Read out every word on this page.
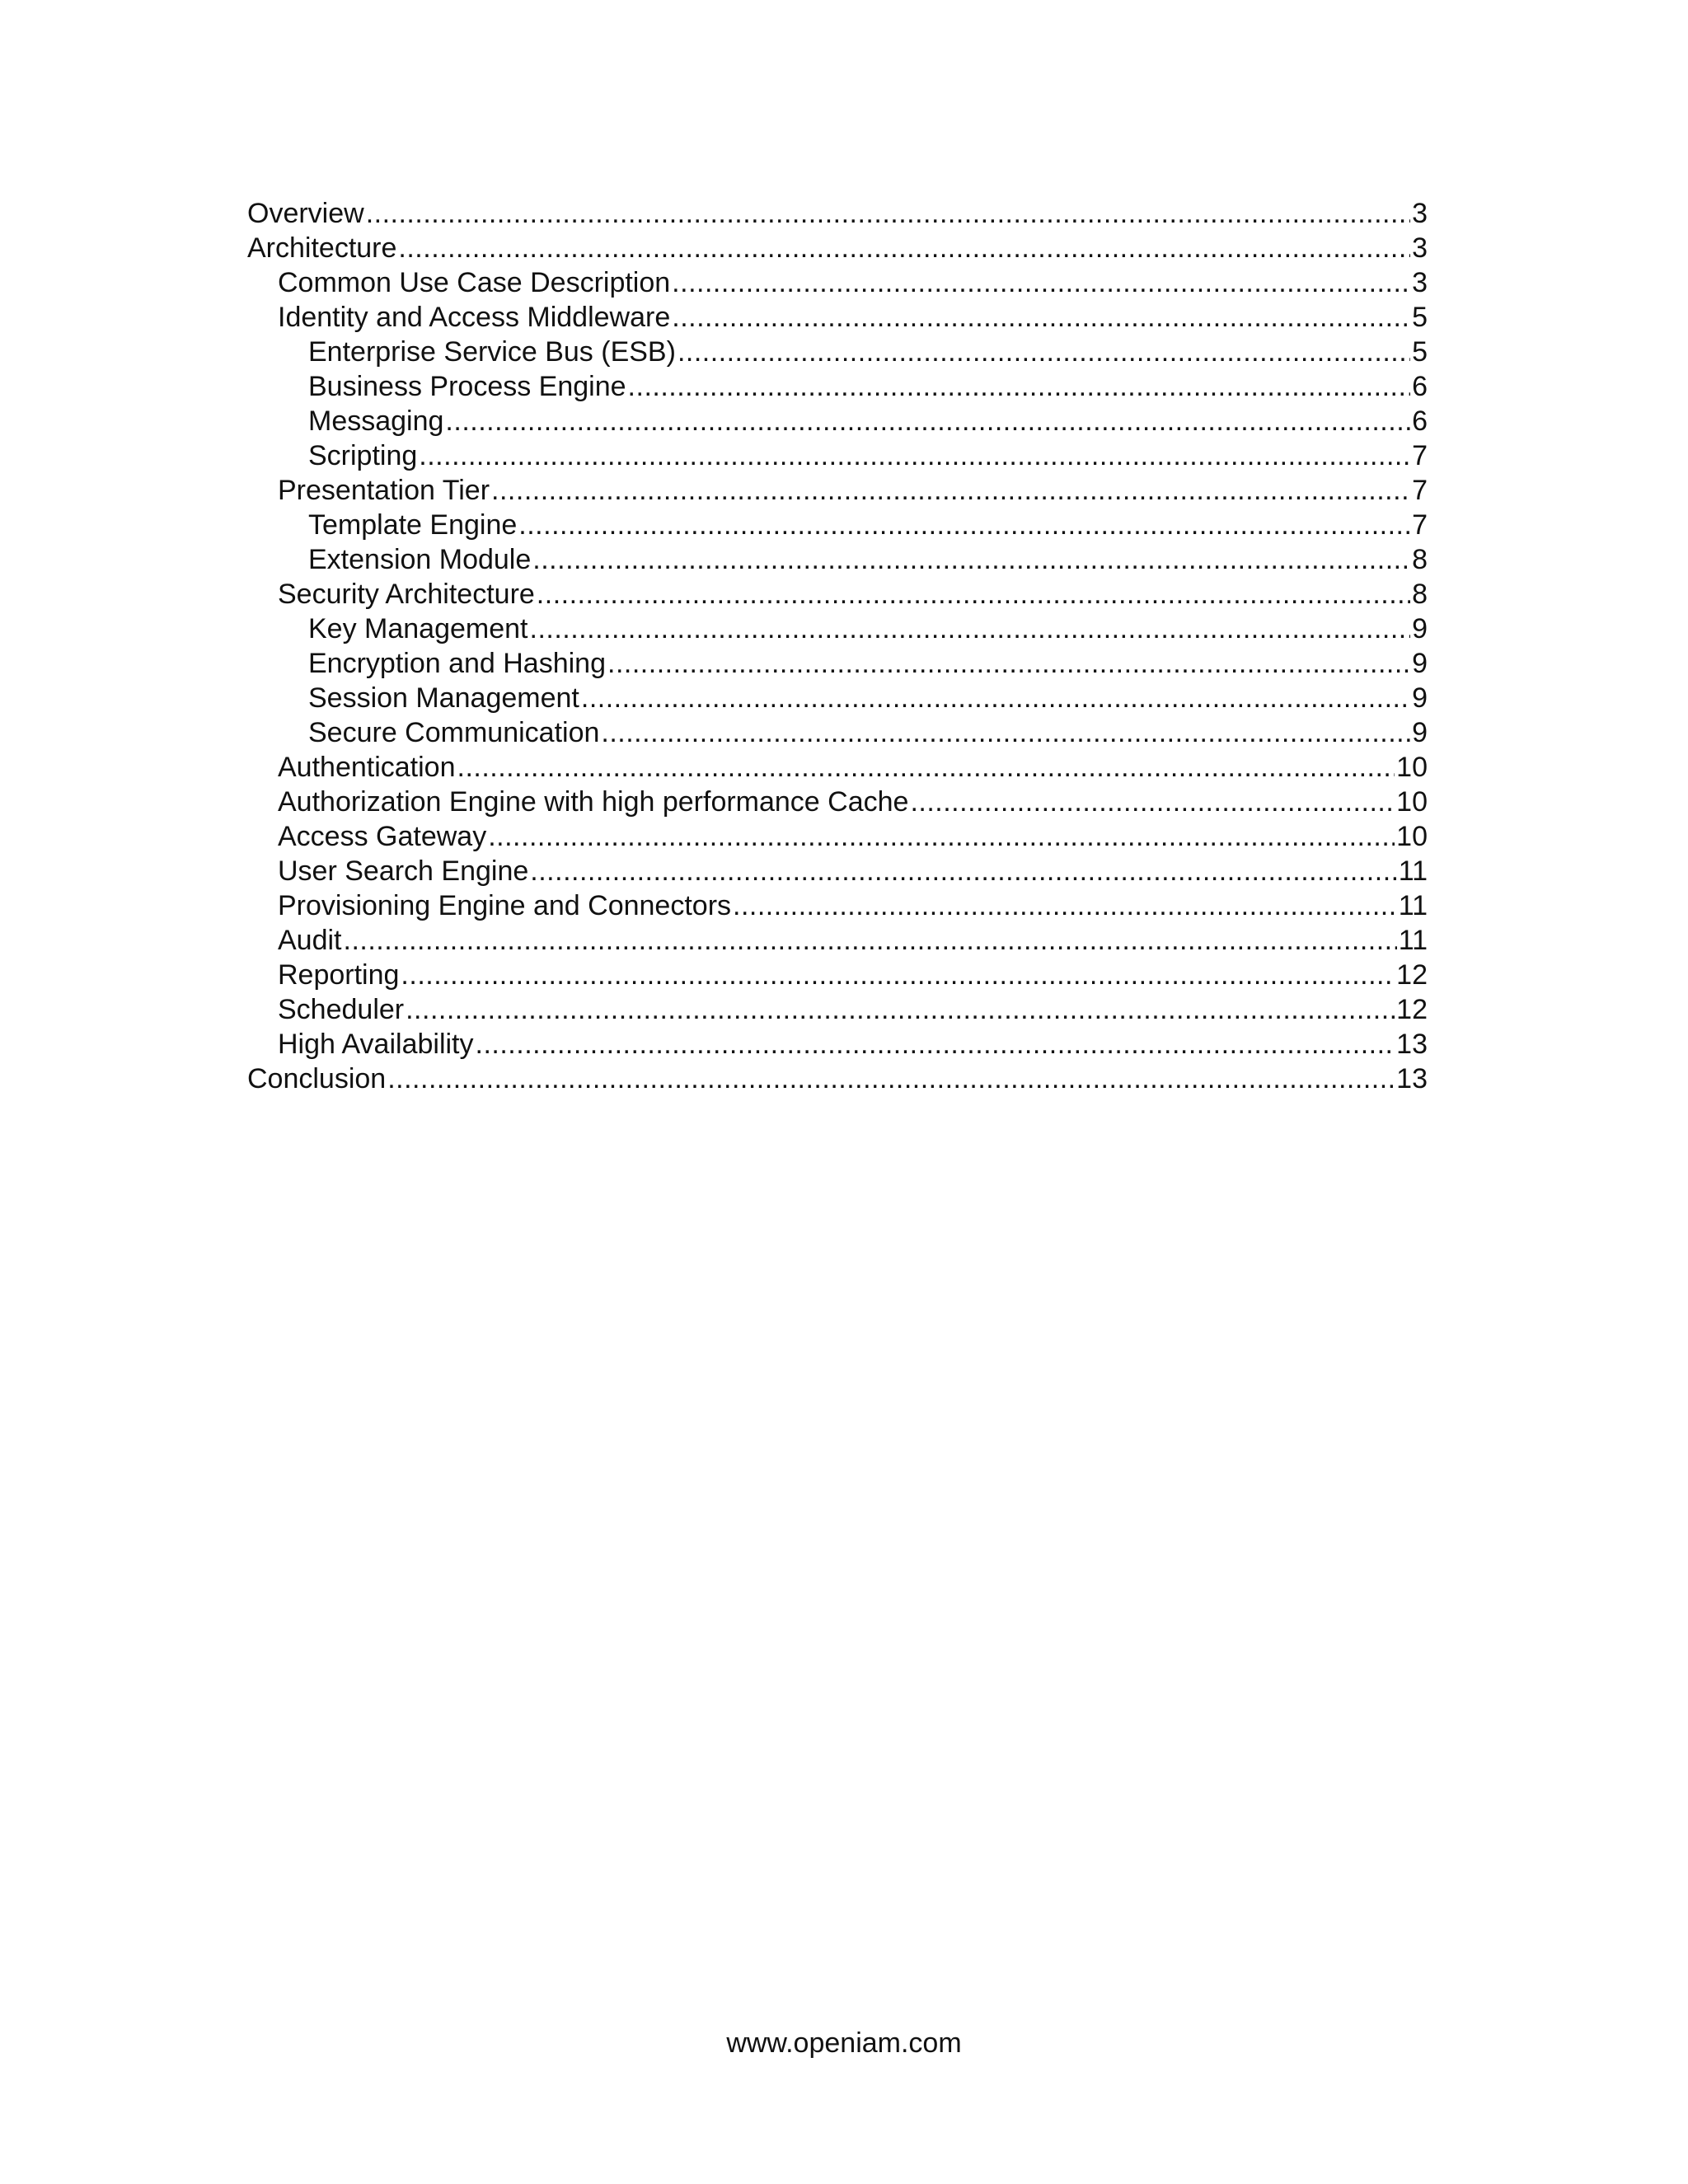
Overview .....	3
Architecture .....	3
Common Use Case Description .....	3
Identity and Access Middleware .....	5
Enterprise Service Bus (ESB) .....	5
Business Process Engine .....	6
Messaging .....	6
Scripting .....	7
Presentation Tier .....	7
Template Engine .....	7
Extension Module .....	8
Security Architecture .....	8
Key Management .....	9
Encryption and Hashing .....	9
Session Management .....	9
Secure Communication .....	9
Authentication .....	10
Authorization Engine with high performance Cache .....	10
Access Gateway .....	10
User Search Engine .....	11
Provisioning Engine and Connectors .....	11
Audit .....	11
Reporting .....	12
Scheduler .....	12
High Availability .....	13
Conclusion .....	13
www.openiam.com
